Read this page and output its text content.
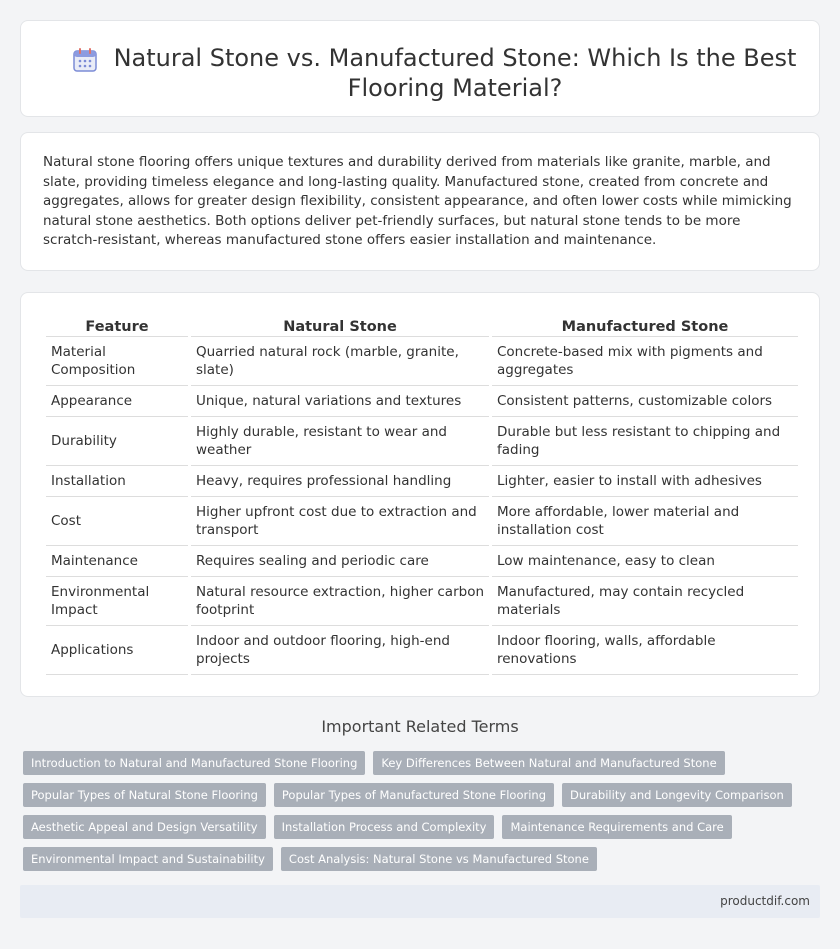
Natural Stone vs. Manufactured Stone: Which Is the Best Flooring Material?

Natural stone flooring offers unique textures and durability derived from materials like granite, marble, and slate, providing timeless elegance and long-lasting quality. Manufactured stone, created from concrete and aggregates, allows for greater design flexibility, consistent appearance, and often lower costs while mimicking natural stone aesthetics. Both options deliver pet-friendly surfaces, but natural stone tends to be more scratch-resistant, whereas manufactured stone offers easier installation and maintenance.

Feature	Natural Stone	Manufactured Stone
Material Composition	Quarried natural rock (marble, granite, slate)	Concrete-based mix with pigments and aggregates
Appearance	Unique, natural variations and textures	Consistent patterns, customizable colors
Durability	Highly durable, resistant to wear and weather	Durable but less resistant to chipping and fading
Installation	Heavy, requires professional handling	Lighter, easier to install with adhesives
Cost	Higher upfront cost due to extraction and transport	More affordable, lower material and installation cost
Maintenance	Requires sealing and periodic care	Low maintenance, easy to clean
Environmental Impact	Natural resource extraction, higher carbon footprint	Manufactured, may contain recycled materials
Applications	Indoor and outdoor flooring, high-end projects	Indoor flooring, walls, affordable renovations
Important Related Terms
Introduction to Natural and Manufactured Stone Flooring	Key Differences Between Natural and Manufactured Stone
Popular Types of Natural Stone Flooring	Popular Types of Manufactured Stone Flooring	Durability and Longevity Comparison
Aesthetic Appeal and Design Versatility	Installation Process and Complexity	Maintenance Requirements and Care
Environmental Impact and Sustainability	Cost Analysis: Natural Stone vs Manufactured Stone
productdif.com
